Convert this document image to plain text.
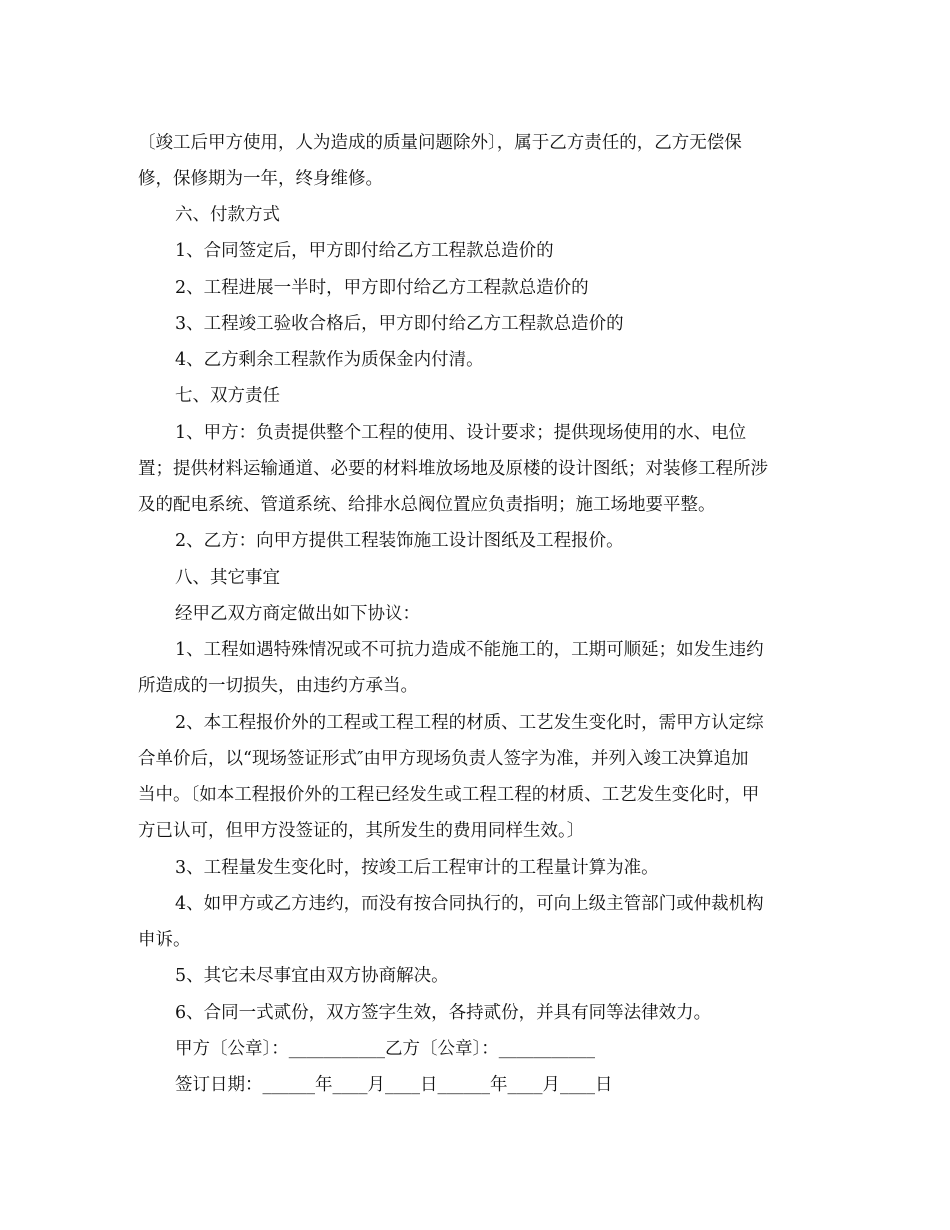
〔竣工后甲方使用，人为造成的质量问题除外〕，属于乙方责任的，乙方无偿保
修，保修期为一年，终身维修。
六、付款方式
1、合同签定后，甲方即付给乙方工程款总造价的
2、工程进展一半时，甲方即付给乙方工程款总造价的
3、工程竣工验收合格后，甲方即付给乙方工程款总造价的
4、乙方剩余工程款作为质保金内付清。
七、双方责任
1、甲方：负责提供整个工程的使用、设计要求；提供现场使用的水、电位
置；提供材料运输通道、必要的材料堆放场地及原楼的设计图纸；对装修工程所涉
及的配电系统、管道系统、给排水总阀位置应负责指明；施工场地要平整。
2、乙方：向甲方提供工程装饰施工设计图纸及工程报价。
八、其它事宜
经甲乙双方商定做出如下协议：
1、工程如遇特殊情况或不可抗力造成不能施工的，工期可顺延；如发生违约
所造成的一切损失，由违约方承当。
2、本工程报价外的工程或工程工程的材质、工艺发生变化时，需甲方认定综
合单价后，以“现场签证形式″由甲方现场负责人签字为准，并列入竣工决算追加
当中。〔如本工程报价外的工程已经发生或工程工程的材质、工艺发生变化时，甲
方已认可，但甲方没签证的，其所发生的费用同样生效。〕
3、工程量发生变化时，按竣工后工程审计的工程量计算为准。
4、如甲方或乙方违约，而没有按合同执行的，可向上级主管部门或仲裁机构
申诉。
5、其它未尽事宜由双方协商解决。
6、合同一式贰份，双方签字生效，各持贰份，并具有同等法律效力。
甲方〔公章〕：___________乙方〔公章〕：___________
签订日期：______年____月____日______年____月____日
